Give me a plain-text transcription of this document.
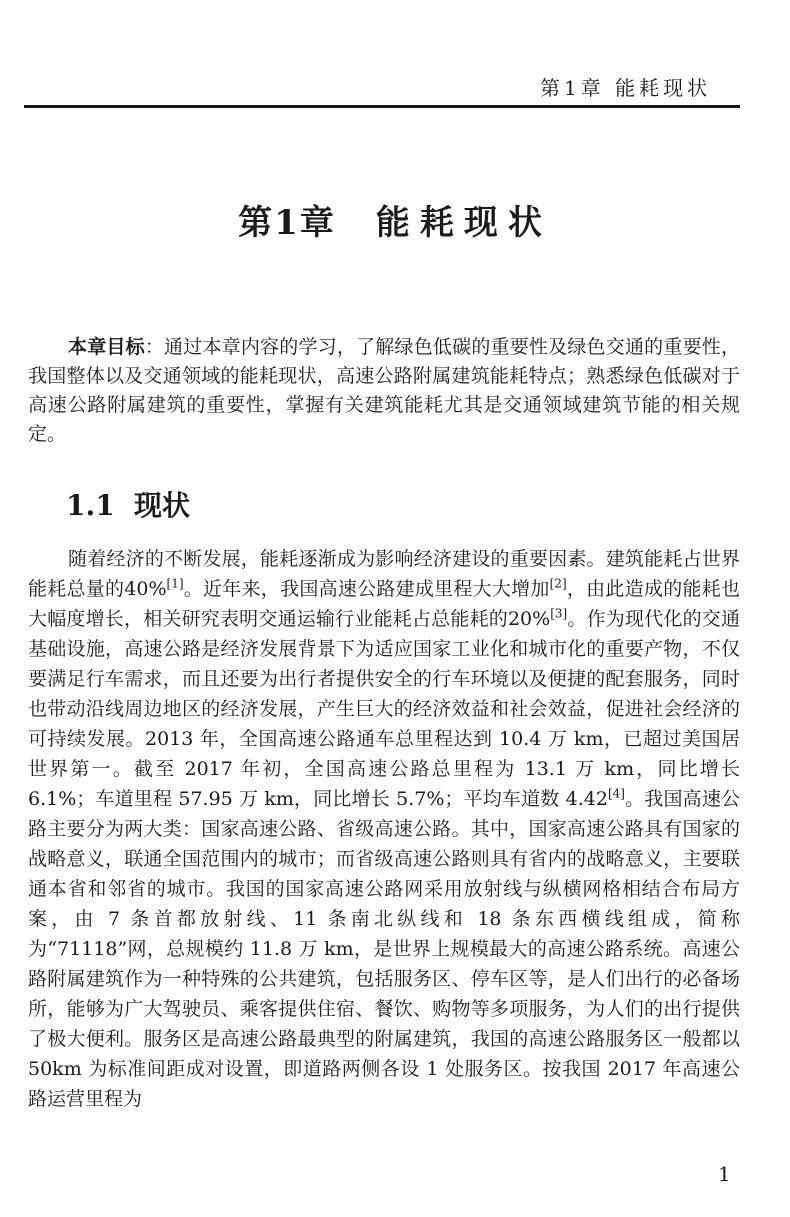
第1章 能耗现状
第1章 能耗现状
本章目标：通过本章内容的学习，了解绿色低碳的重要性及绿色交通的重要性，我国整体以及交通领域的能耗现状，高速公路附属建筑能耗特点；熟悉绿色低碳对于高速公路附属建筑的重要性，掌握有关建筑能耗尤其是交通领域建筑节能的相关规定。
1.1 现状
随着经济的不断发展，能耗逐渐成为影响经济建设的重要因素。建筑能耗占世界能耗总量的40%[1]。近年来，我国高速公路建成里程大大增加[2]，由此造成的能耗也大幅度增长，相关研究表明交通运输行业能耗占总能耗的20%[3]。作为现代化的交通基础设施，高速公路是经济发展背景下为适应国家工业化和城市化的重要产物，不仅要满足行车需求，而且还要为出行者提供安全的行车环境以及便捷的配套服务，同时也带动沿线周边地区的经济发展，产生巨大的经济效益和社会效益，促进社会经济的可持续发展。2013 年，全国高速公路通车总里程达到 10.4 万 km，已超过美国居世界第一。截至 2017 年初，全国高速公路总里程为 13.1 万 km，同比增长 6.1%；车道里程 57.95 万 km，同比增长 5.7%；平均车道数 4.42[4]。我国高速公路主要分为两大类：国家高速公路、省级高速公路。其中，国家高速公路具有国家的战略意义，联通全国范围内的城市；而省级高速公路则具有省内的战略意义，主要联通本省和邻省的城市。我国的国家高速公路网采用放射线与纵横网格相结合布局方案，由 7 条首都放射线、11 条南北纵线和 18 条东西横线组成，简称为“71118”网，总规模约 11.8 万 km，是世界上规模最大的高速公路系统。高速公路附属建筑作为一种特殊的公共建筑，包括服务区、停车区等，是人们出行的必备场所，能够为广大驾驶员、乘客提供住宿、餐饮、购物等多项服务，为人们的出行提供了极大便利。服务区是高速公路最典型的附属建筑，我国的高速公路服务区一般都以 50km 为标准间距成对设置，即道路两侧各设 1 处服务区。按我国 2017 年高速公路运营里程为
1
